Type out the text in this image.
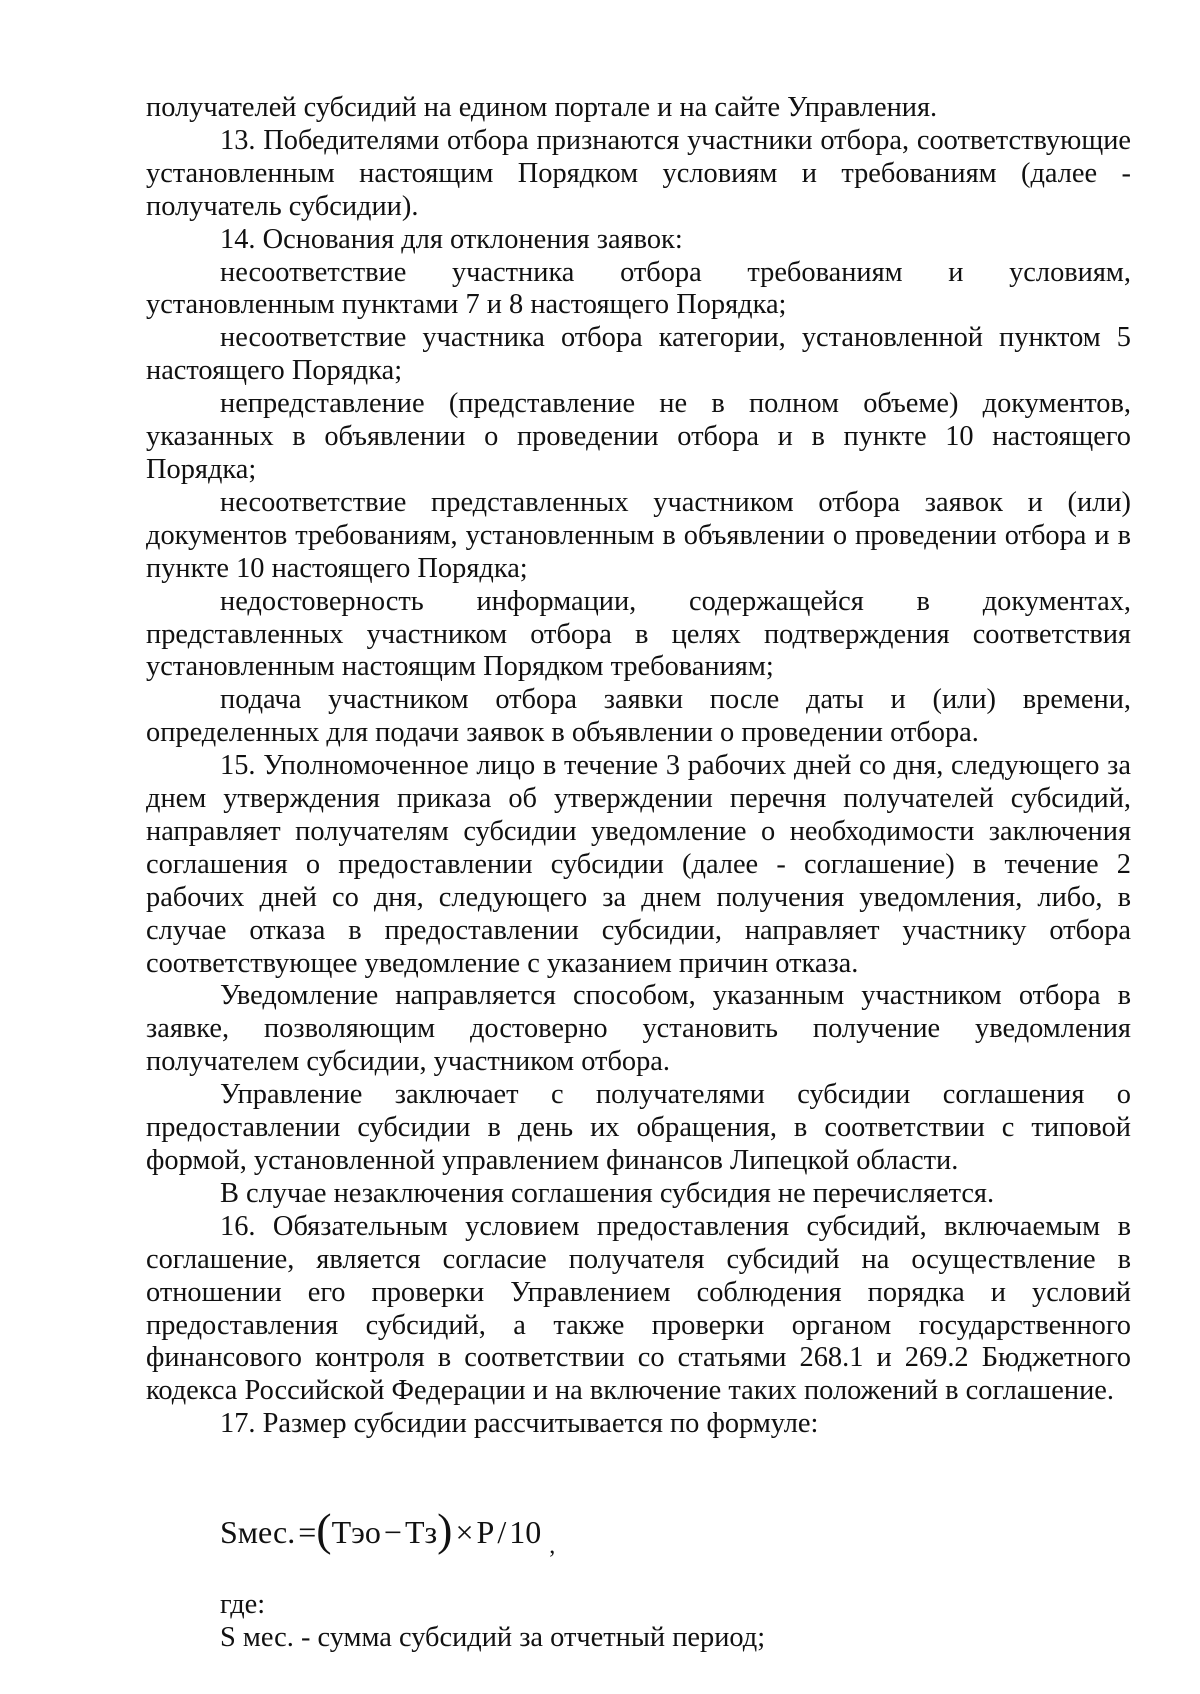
получателей субсидий на едином портале и на сайте Управления.

13. Победителями отбора признаются участники отбора, соответствующие установленным настоящим Порядком условиям и требованиям (далее - получатель субсидии).

14. Основания для отклонения заявок:

несоответствие участника отбора требованиям и условиям, установленным пунктами 7 и 8 настоящего Порядка;

несоответствие участника отбора категории, установленной пунктом 5 настоящего Порядка;

непредставление (представление не в полном объеме) документов, указанных в объявлении о проведении отбора и в пункте 10 настоящего Порядка;

несоответствие представленных участником отбора заявок и (или) документов требованиям, установленным в объявлении о проведении отбора и в пункте 10 настоящего Порядка;

недостоверность информации, содержащейся в документах, представленных участником отбора в целях подтверждения соответствия установленным настоящим Порядком требованиям;

подача участником отбора заявки после даты и (или) времени, определенных для подачи заявок в объявлении о проведении отбора.

15. Уполномоченное лицо в течение 3 рабочих дней со дня, следующего за днем утверждения приказа об утверждении перечня получателей субсидий, направляет получателям субсидии уведомление о необходимости заключения соглашения о предоставлении субсидии (далее - соглашение) в течение 2 рабочих дней со дня, следующего за днем получения уведомления, либо, в случае отказа в предоставлении субсидии, направляет участнику отбора соответствующее уведомление с указанием причин отказа.

Уведомление направляется способом, указанным участником отбора в заявке, позволяющим достоверно установить получение уведомления получателем субсидии, участником отбора.

Управление заключает с получателями субсидии соглашения о предоставлении субсидии в день их обращения, в соответствии с типовой формой, установленной управлением финансов Липецкой области.

В случае незаключения соглашения субсидия не перечисляется.

16. Обязательным условием предоставления субсидий, включаемым в соглашение, является согласие получателя субсидий на осуществление в отношении его проверки Управлением соблюдения порядка и условий предоставления субсидий, а также проверки органом государственного финансового контроля в соответствии со статьями 268.1 и 269.2 Бюджетного кодекса Российской Федерации и на включение таких положений в соглашение.

17. Размер субсидии рассчитывается по формуле:

Sмес. = ( Тэо − Тз ) × P / 10 ,

где:

S мес. - сумма субсидий за отчетный период;
